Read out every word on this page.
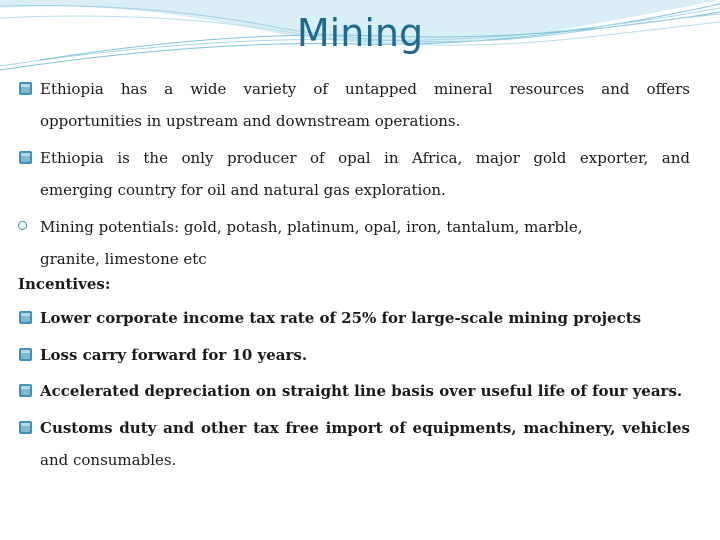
Mining
Ethiopia has a wide variety of untapped mineral resources and offers
opportunities in upstream and downstream operations.
Ethiopia is the only producer of opal in Africa, major gold exporter, and
emerging country for oil and natural gas exploration.
Mining potentials: gold, potash, platinum, opal, iron, tantalum, marble,
granite, limestone etc
Incentives:
Lower corporate income tax rate of 25% for large-scale mining projects
Loss carry forward for 10 years.
Accelerated depreciation on straight line basis over useful life of four years.
Customs duty and other tax free import of equipments, machinery, vehicles
and consumables.
